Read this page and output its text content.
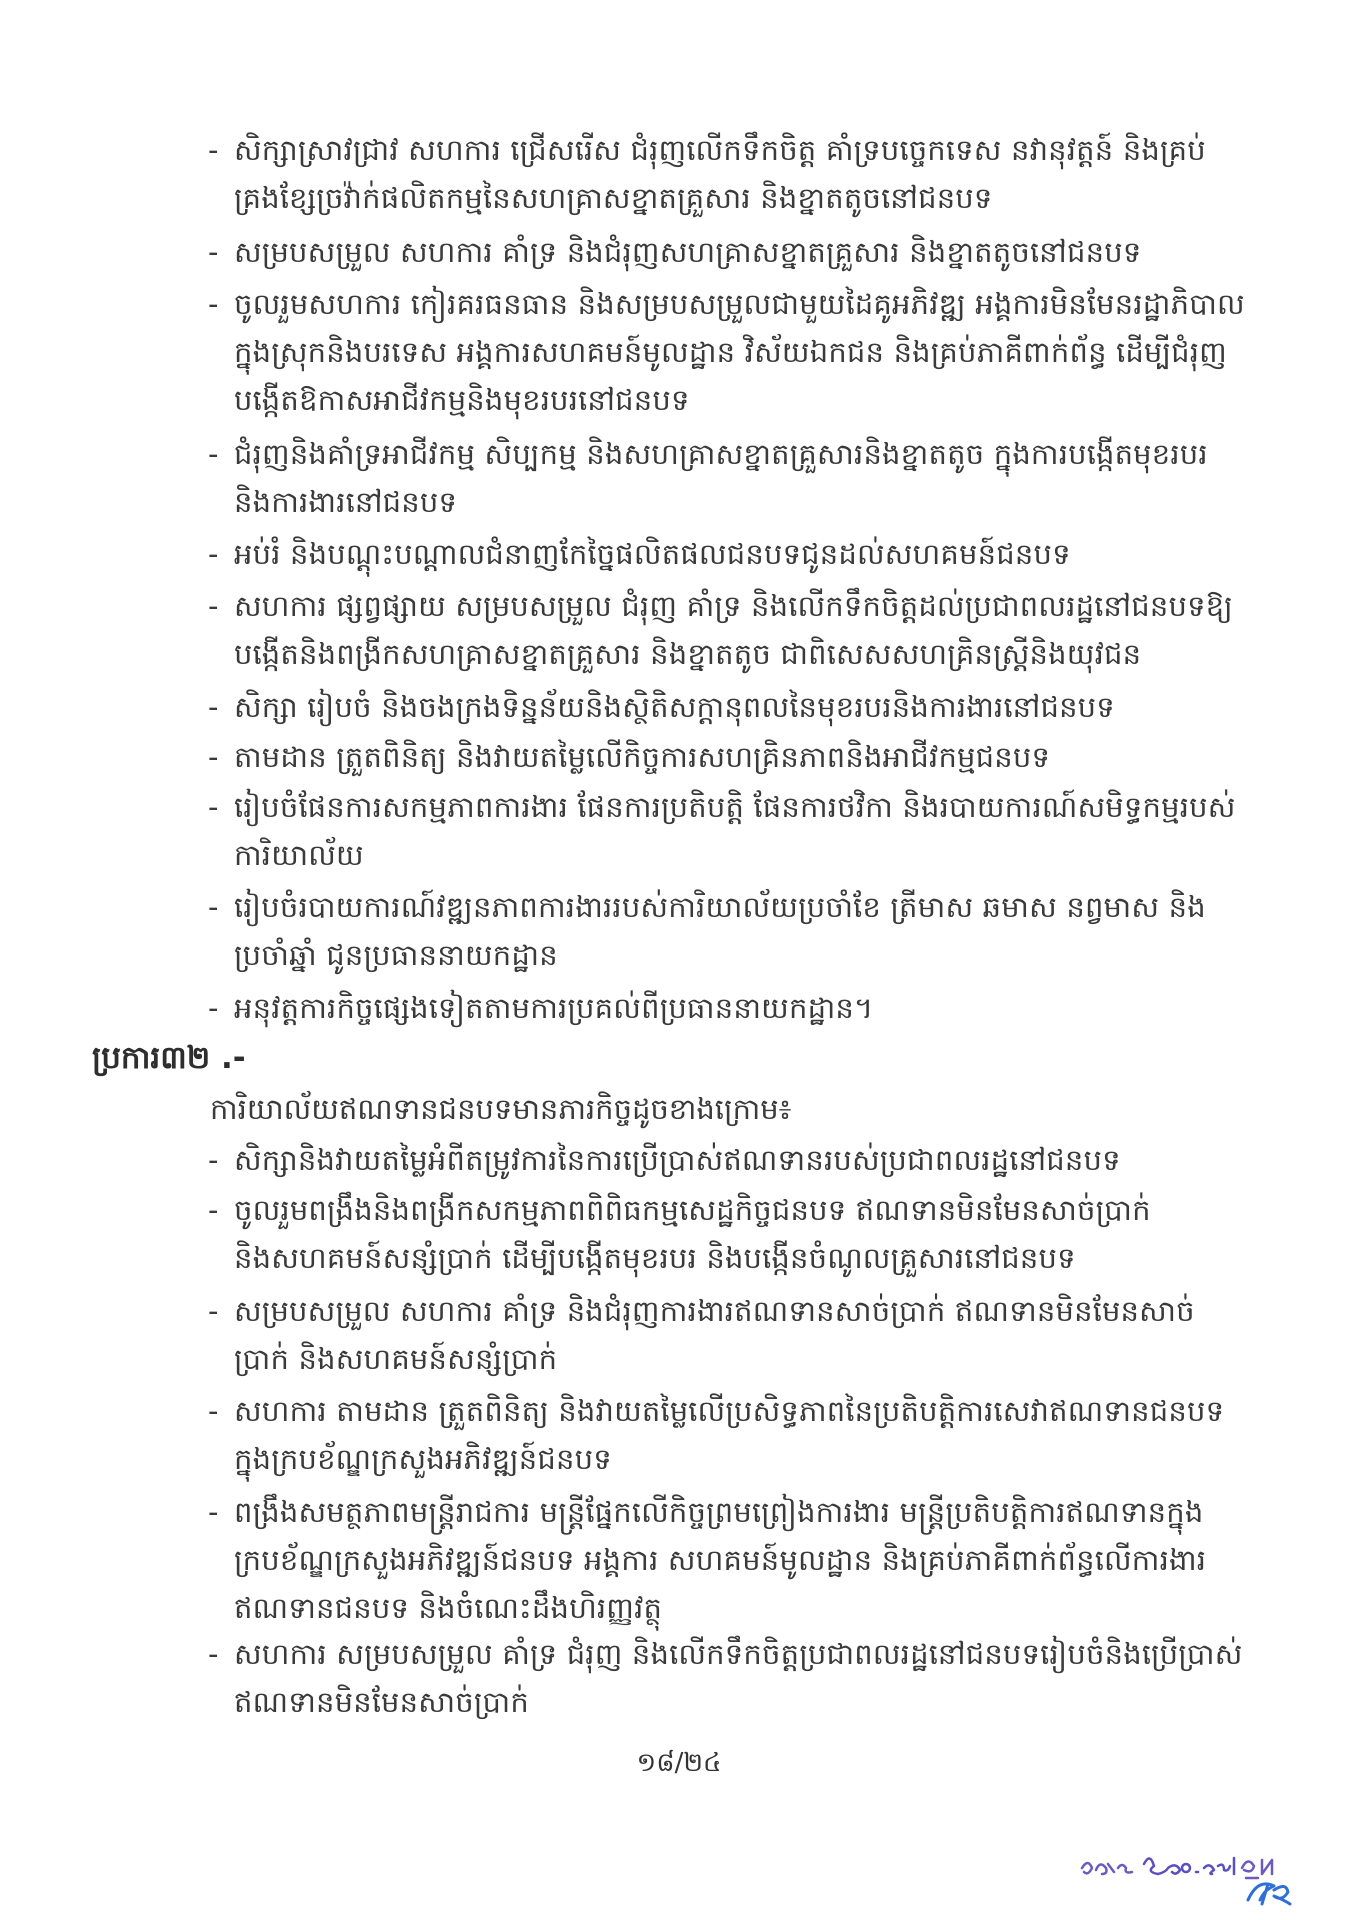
- សិក្សាស្រាវជ្រាវ សហការ ជ្រើសរើស ជំរុញលើកទឹកចិត្ត គាំទ្របច្ចេកទេស នវានុវត្តន៍ និងគ្រប់គ្រងខ្សែច្រវ៉ាក់ផលិតកម្មនៃសហគ្រាសខ្នាតគ្រួសារ និងខ្នាតតូចនៅជនបទ
- សម្របសម្រួល សហការ គាំទ្រ និងជំរុញសហគ្រាសខ្នាតគ្រួសារ និងខ្នាតតូចនៅជនបទ
- ចូលរួមសហការ កៀរគរធនធាន និងសម្របសម្រួលជាមួយដៃគូអភិវឌ្ឍ អង្គការមិនមែនរដ្ឋាភិបាលក្នុងស្រុកនិងបរទេស អង្គការសហគមន៍មូលដ្ឋាន វិស័យឯកជន និងគ្រប់ភាគីពាក់ព័ន្ធ ដើម្បីជំរុញបង្កើតឱកាសអាជីវកម្មនិងមុខរបរនៅជនបទ
- ជំរុញនិងគាំទ្រអាជីវកម្ម សិប្បកម្ម និងសហគ្រាសខ្នាតគ្រួសារនិងខ្នាតតូច ក្នុងការបង្កើតមុខរបរ និងការងារនៅជនបទ
- អប់រំ និងបណ្តុះបណ្តាលជំនាញកែច្នៃផលិតផលជនបទជូនដល់សហគមន៍ជនបទ
- សហការ ផ្សព្វផ្សាយ សម្របសម្រួល ជំរុញ គាំទ្រ និងលើកទឹកចិត្តដល់ប្រជាពលរដ្ឋនៅជនបទឱ្យបង្កើតនិងពង្រីកសហគ្រាសខ្នាតគ្រួសារ និងខ្នាតតូច ជាពិសេសសហគ្រិនស្ត្រីនិងយុវជន
- សិក្សា រៀបចំ និងចងក្រងទិន្នន័យនិងស្ថិតិសក្តានុពលនៃមុខរបរនិងការងារនៅជនបទ
- តាមដាន ត្រួតពិនិត្យ និងវាយតម្លៃលើកិច្ចការសហគ្រិនភាពនិងអាជីវកម្មជនបទ
- រៀបចំផែនការសកម្មភាពការងារ ផែនការប្រតិបត្តិ ផែនការថវិកា និងរបាយការណ៍សមិទ្ធកម្មរបស់ការិយាល័យ
- រៀបចំរបាយការណ៍វឌ្ឍនភាពការងាររបស់ការិយាល័យប្រចាំខែ ត្រីមាស ឆមាស នព្វមាស និងប្រចាំឆ្នាំ ជូនប្រធាននាយកដ្ឋាន
- អនុវត្តការកិច្ចផ្សេងទៀតតាមការប្រគល់ពីប្រធាននាយកដ្ឋាន។
ប្រការ៣២ .-
ការិយាល័យឥណទានជនបទមានភារកិច្ចដូចខាងក្រោម៖
- សិក្សានិងវាយតម្លៃអំពីតម្រូវការនៃការប្រើប្រាស់ឥណទានរបស់ប្រជាពលរដ្ឋនៅជនបទ
- ចូលរួមពង្រឹងនិងពង្រីកសកម្មភាពពិពិធកម្មសេដ្ឋកិច្ចជនបទ ឥណទានមិនមែនសាច់ប្រាក់ និងសហគមន៍សន្សំប្រាក់ ដើម្បីបង្កើតមុខរបរ និងបង្កើនចំណូលគ្រួសារនៅជនបទ
- សម្របសម្រួល សហការ គាំទ្រ និងជំរុញការងារឥណទានសាច់ប្រាក់ ឥណទានមិនមែនសាច់ប្រាក់ និងសហគមន៍សន្សំប្រាក់
- សហការ តាមដាន ត្រួតពិនិត្យ និងវាយតម្លៃលើប្រសិទ្ធភាពនៃប្រតិបត្តិការសេវាឥណទានជនបទក្នុងក្របខ័ណ្ឌក្រសួងអភិវឌ្ឍន៍ជនបទ
- ពង្រឹងសមត្ថភាពមន្ត្រីរាជការ មន្ត្រីផ្នែកលើកិច្ចព្រមព្រៀងការងារ មន្ត្រីប្រតិបត្តិការឥណទានក្នុងក្របខ័ណ្ឌក្រសួងអភិវឌ្ឍន៍ជនបទ អង្គការ សហគមន៍មូលដ្ឋាន និងគ្រប់ភាគីពាក់ព័ន្ធលើការងារឥណទានជនបទ និងចំណេះដឹងហិរញ្ញវត្ថុ
- សហការ សម្របសម្រួល គាំទ្រ ជំរុញ និងលើកទឹកចិត្តប្រជាពលរដ្ឋនៅជនបទរៀបចំនិងប្រើប្រាស់ឥណទានមិនមែនសាច់ប្រាក់
១៨/២៤
